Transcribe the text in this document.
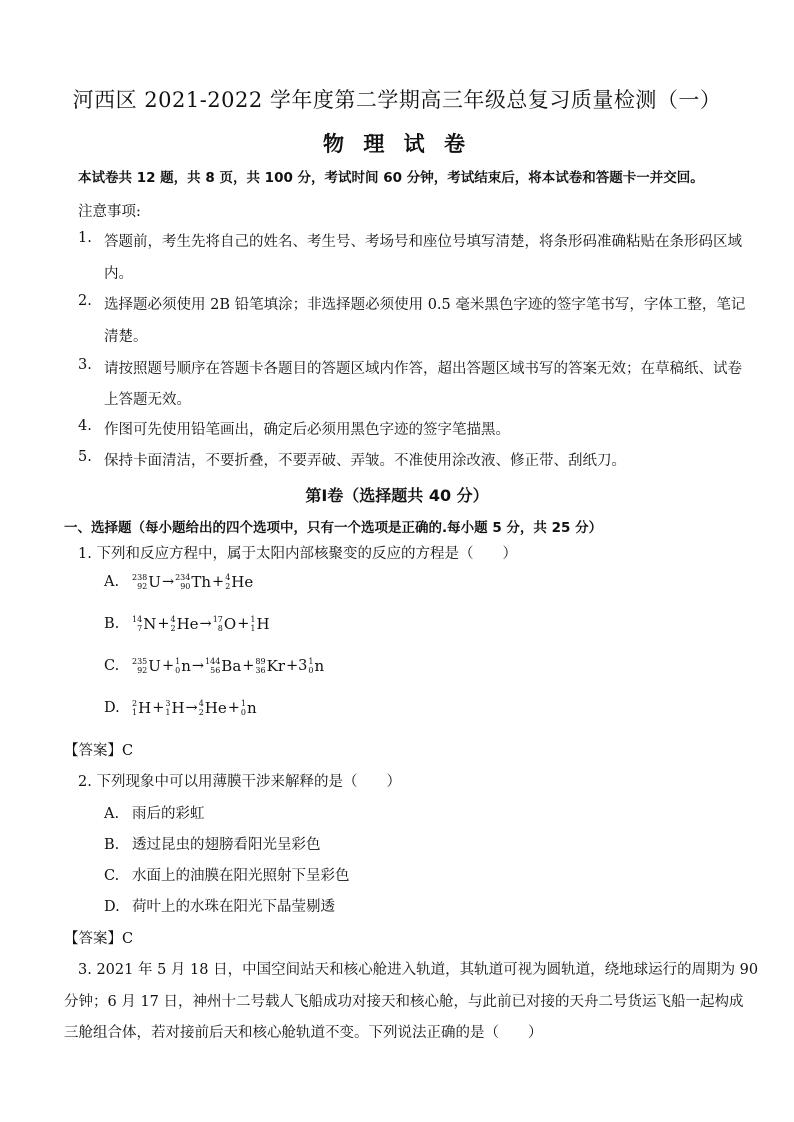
河西区 2021-2022 学年度第二学期高三年级总复习质量检测（一）
物 理 试 卷
本试卷共 12 题，共 8 页，共 100 分，考试时间 60 分钟，考试结束后，将本试卷和答题卡一并交回。
注意事项:
1. 答题前，考生先将自己的姓名、考生号、考场号和座位号填写清楚，将条形码准确粘贴在条形码区域
内。
2. 选择题必须使用 2B 铅笔填涂；非选择题必须使用 0.5 毫米黑色字迹的签字笔书写，字体工整，笔记
清楚。
3. 请按照题号顺序在答题卡各题目的答题区域内作答，超出答题区域书写的答案无效；在草稿纸、试卷
上答题无效。
4. 作图可先使用铅笔画出，确定后必须用黑色字迹的签字笔描黑。
5. 保持卡面清洁，不要折叠，不要弄破、弄皱。不准使用涂改液、修正带、刮纸刀。
第Ⅰ卷（选择题共 40 分）
一、选择题（每小题给出的四个选项中，只有一个选项是正确的.每小题 5 分，共 25 分）
1. 下列和反应方程中，属于太阳内部核聚变的反应的方程是（　　）
A. 238
92 U → 234
90 Th + 4
2 He
B. 14
7 N + 4
2 He → 17
8 O + 1
1 H
C. 235
92 U + 1
0 n → 144
56 Ba + 89
36 Kr +3 1
0 n
D. 2
1 H + 3
1 H → 4
2 He + 1
0 n
【答案】C
2. 下列现象中可以用薄膜干涉来解释的是（　　）
A. 雨后的彩虹
B. 透过昆虫的翅膀看阳光呈彩色
C. 水面上的油膜在阳光照射下呈彩色
D. 荷叶上的水珠在阳光下晶莹剔透
【答案】C
3. 2021 年 5 月 18 日，中国空间站天和核心舱进入轨道，其轨道可视为圆轨道，绕地球运行的周期为 90
分钟；6 月 17 日，神州十二号载人飞船成功对接天和核心舱，与此前已对接的天舟二号货运飞船一起构成
三舱组合体，若对接前后天和核心舱轨道不变。下列说法正确的是（　　）
